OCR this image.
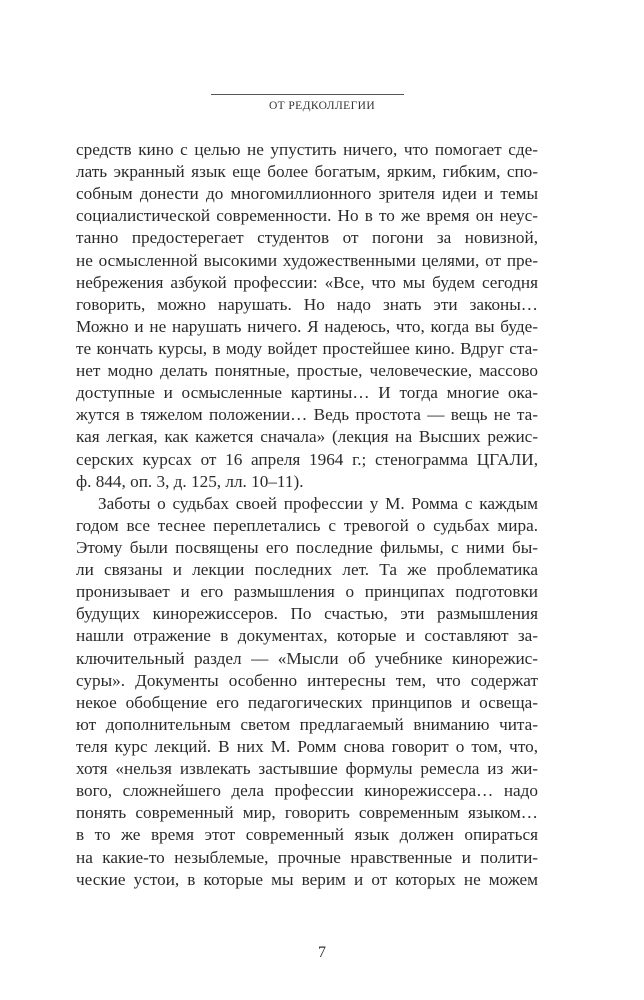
ОТ РЕДКОЛЛЕГИИ
средств кино с целью не упустить ничего, что помогает сде-
лать экранный язык еще более богатым, ярким, гибким, спо-
собным донести до многомиллионного зрителя идеи и темы
социалистической современности. Но в то же время он неус-
танно предостерегает студентов от погони за новизной,
не осмысленной высокими художественными целями, от пре-
небрежения азбукой профессии: «Все, что мы будем сегодня
говорить, можно нарушать. Но надо знать эти законы…
Можно и не нарушать ничего. Я надеюсь, что, когда вы буде-
те кончать курсы, в моду войдет простейшее кино. Вдруг ста-
нет модно делать понятные, простые, человеческие, массово
доступные и осмысленные картины… И тогда многие ока-
жутся в тяжелом положении… Ведь простота — вещь не та-
кая легкая, как кажется сначала» (лекция на Высших режис-
серских курсах от 16 апреля 1964 г.; стенограмма ЦГАЛИ,
ф. 844, оп. 3, д. 125, лл. 10–11).
Заботы о судьбах своей профессии у М. Ромма с каждым
годом все теснее переплетались с тревогой о судьбах мира.
Этому были посвящены его последние фильмы, с ними бы-
ли связаны и лекции последних лет. Та же проблематика
пронизывает и его размышления о принципах подготовки
будущих кинорежиссеров. По счастью, эти размышления
нашли отражение в документах, которые и составляют за-
ключительный раздел — «Мысли об учебнике кинорежис-
суры». Документы особенно интересны тем, что содержат
некое обобщение его педагогических принципов и освеща-
ют дополнительным светом предлагаемый вниманию чита-
теля курс лекций. В них М. Ромм снова говорит о том, что,
хотя «нельзя извлекать застывшие формулы ремесла из жи-
вого, сложнейшего дела профессии кинорежиссера… надо
понять современный мир, говорить современным языком…
в то же время этот современный язык должен опираться
на какие-то незыблемые, прочные нравственные и полити-
ческие устои, в которые мы верим и от которых не можем
7
